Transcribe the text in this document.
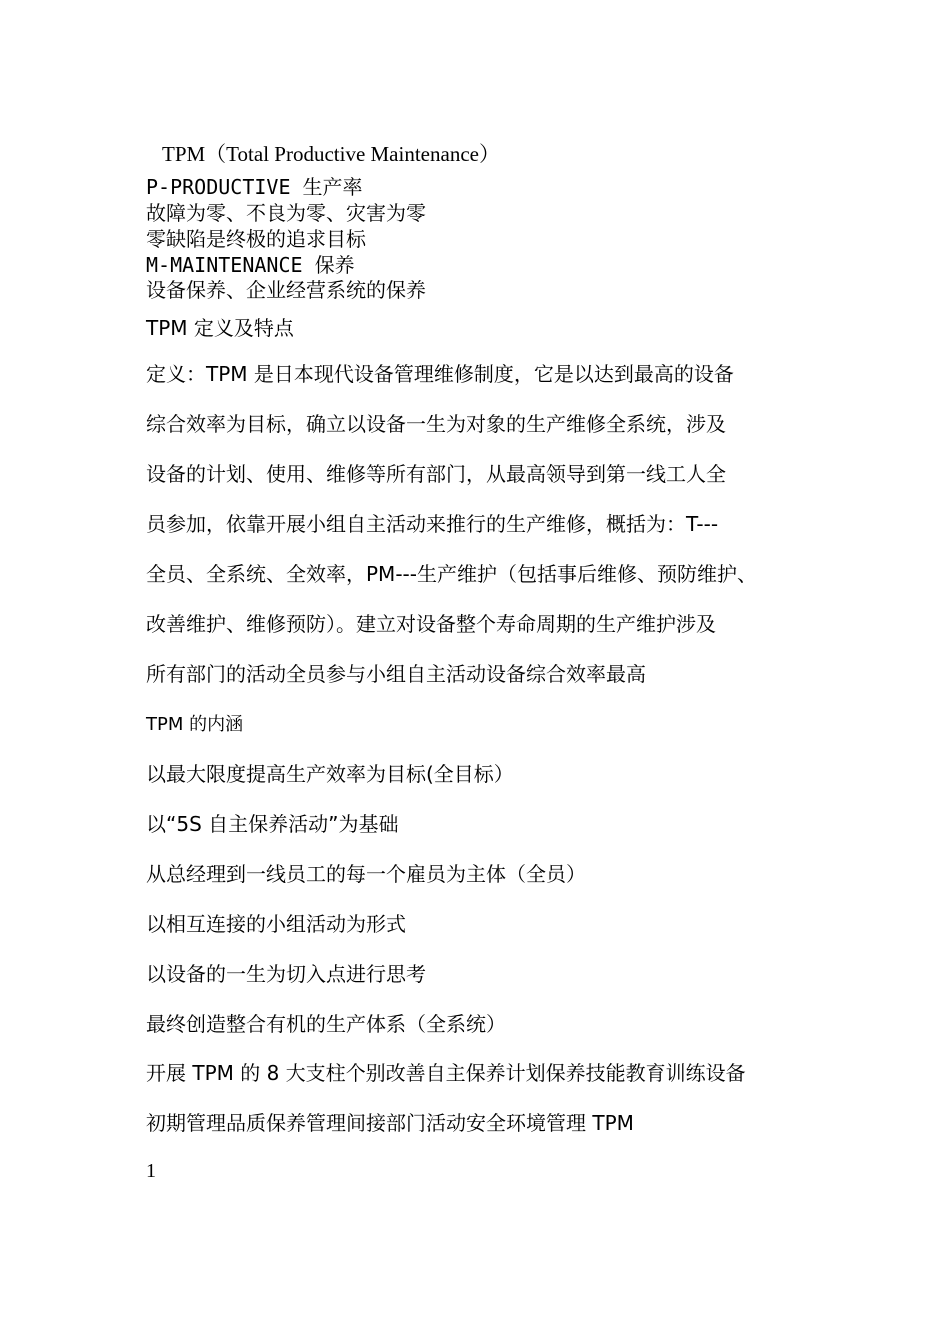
TPM（Total Productive Maintenance）
P-PRODUCTIVE 生产率
故障为零、不良为零、灾害为零
零缺陷是终极的追求目标
M-MAINTENANCE 保养
设备保养、企业经营系统的保养
TPM 定义及特点
定义：TPM 是日本现代设备管理维修制度，它是以达到最高的设备
综合效率为目标，确立以设备一生为对象的生产维修全系统，涉及
设备的计划、使用、维修等所有部门，从最高领导到第一线工人全
员参加，依靠开展小组自主活动来推行的生产维修，概括为：T---
全员、全系统、全效率，PM---生产维护（包括事后维修、预防维护、
改善维护、维修预防）。建立对设备整个寿命周期的生产维护涉及
所有部门的活动全员参与小组自主活动设备综合效率最高
TPM 的内涵
以最大限度提高生产效率为目标(全目标）
以“5S 自主保养活动”为基础
从总经理到一线员工的每一个雇员为主体（全员）
以相互连接的小组活动为形式
以设备的一生为切入点进行思考
最终创造整合有机的生产体系（全系统）
开展 TPM 的 8 大支柱个别改善自主保养计划保养技能教育训练设备
初期管理品质保养管理间接部门活动安全环境管理 TPM
1
